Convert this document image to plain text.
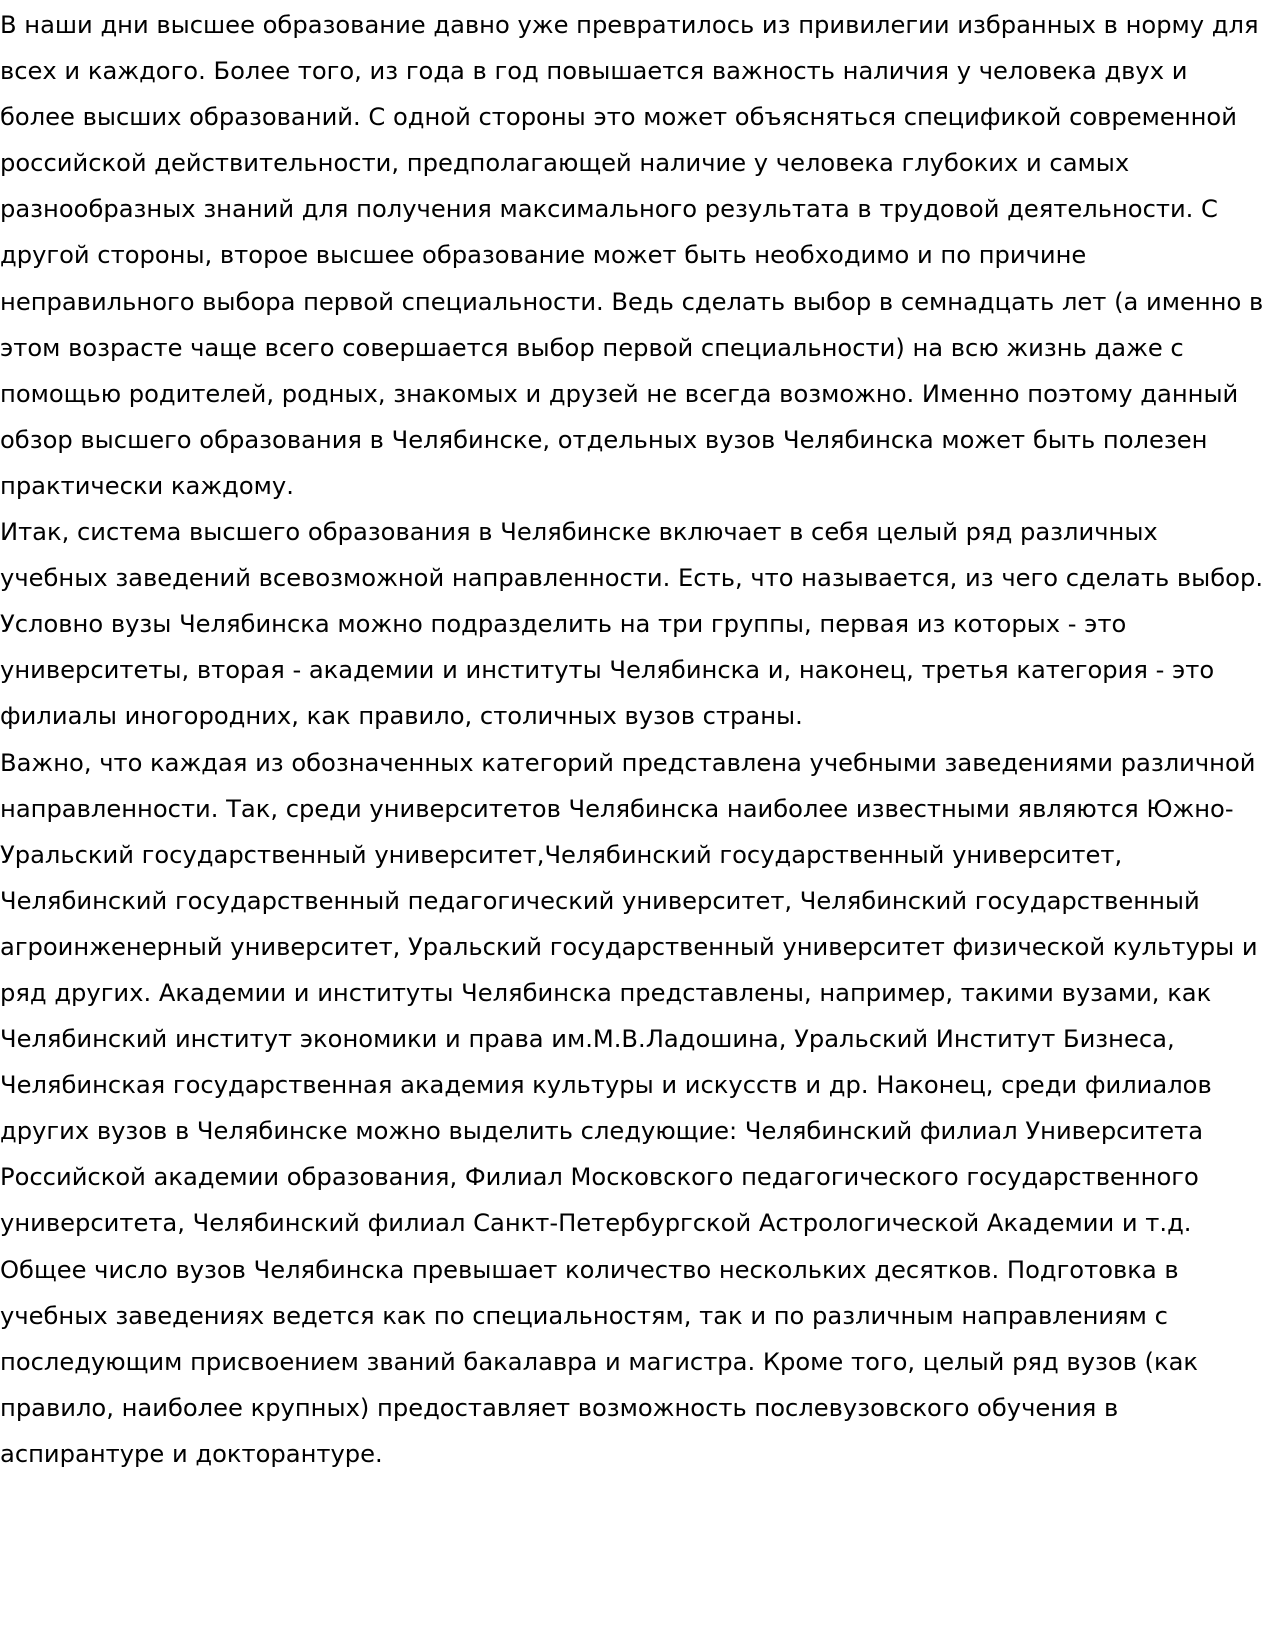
В наши дни высшее образование давно уже превратилось из привилегии избранных в норму для всех и каждого. Более того, из года в год повышается важность наличия у человека двух и более высших образований. С одной стороны это может объясняться спецификой современной российской действительности, предполагающей наличие у человека глубоких и самых разнообразных знаний для получения максимального результата в трудовой деятельности. С другой стороны, второе высшее образование может быть необходимо и по причине неправильного выбора первой специальности. Ведь сделать выбор в семнадцать лет (а именно в этом возрасте чаще всего совершается выбор первой специальности) на всю жизнь даже с помощью родителей, родных, знакомых и друзей не всегда возможно. Именно поэтому данный обзор высшего образования в Челябинске, отдельных вузов Челябинска может быть полезен практически каждому.

Итак, система высшего образования в Челябинске включает в себя целый ряд различных учебных заведений всевозможной направленности. Есть, что называется, из чего сделать выбор. Условно вузы Челябинска можно подразделить на три группы, первая из которых - это университеты, вторая - академии и институты Челябинска и, наконец, третья категория - это филиалы иногородних, как правило, столичных вузов страны.

Важно, что каждая из обозначенных категорий представлена учебными заведениями различной направленности. Так, среди университетов Челябинска наиболее известными являются Южно-Уральский государственный университет,Челябинский государственный университет, Челябинский государственный педагогический университет, Челябинский государственный агроинженерный университет, Уральский государственный университет физической культуры и ряд других. Академии и институты Челябинска представлены, например, такими вузами, как Челябинский институт экономики и права им.М.В.Ладошина, Уральский Институт Бизнеса, Челябинская государственная академия культуры и искусств и др. Наконец, среди филиалов других вузов в Челябинске можно выделить следующие: Челябинский филиал Университета Российской академии образования, Филиал Московского педагогического государственного университета, Челябинский филиал Санкт-Петербургской Астрологической Академии и т.д. Общее число вузов Челябинска превышает количество нескольких десятков. Подготовка в учебных заведениях ведется как по специальностям, так и по различным направлениям с последующим присвоением званий бакалавра и магистра. Кроме того, целый ряд вузов (как правило, наиболее крупных) предоставляет возможность послевузовского обучения в аспирантуре и докторантуре.
